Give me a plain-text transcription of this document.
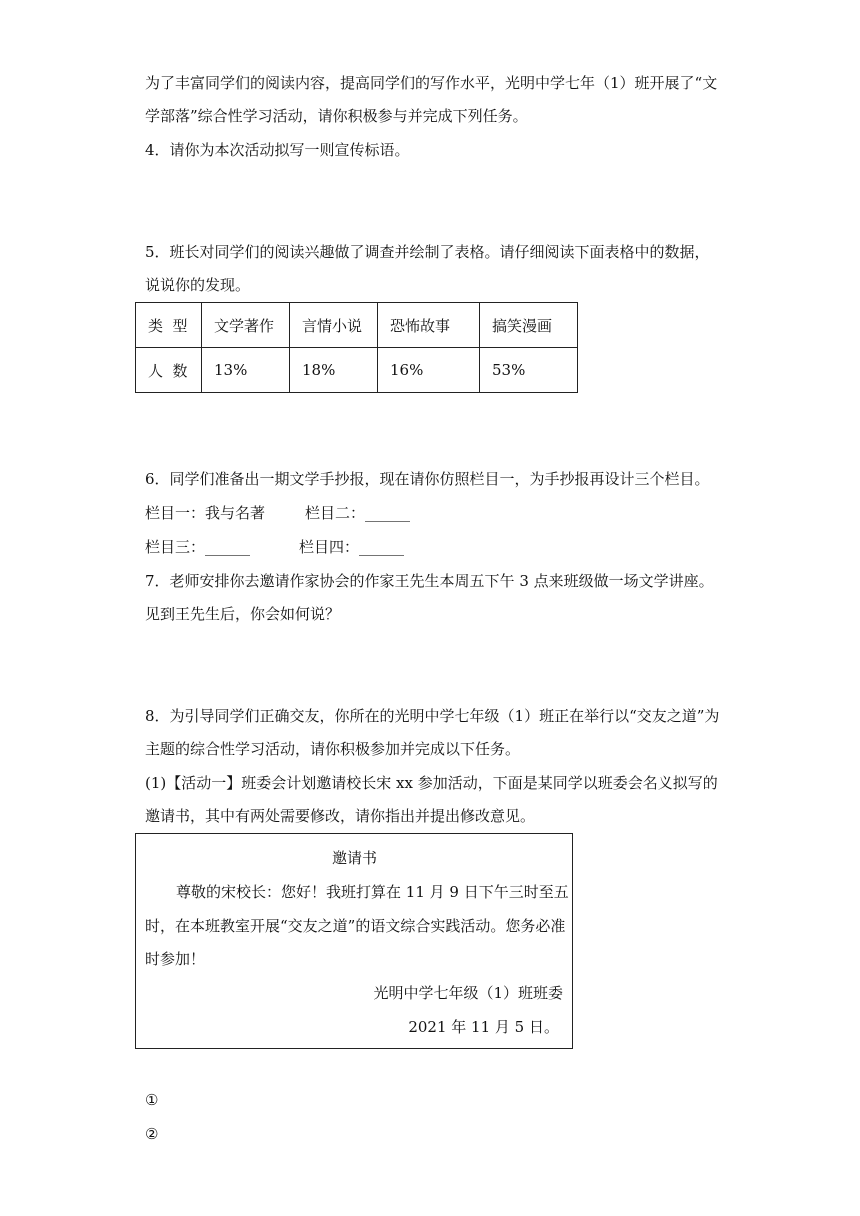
为了丰富同学们的阅读内容，提高同学们的写作水平，光明中学七年（1）班开展了“文
学部落”综合性学习活动，请你积极参与并完成下列任务。
4．请你为本次活动拟写一则宣传标语。
5．班长对同学们的阅读兴趣做了调查并绘制了表格。请仔细阅读下面表格中的数据，
说说你的发现。
类  型	文学著作	言情小说	恐怖故事	搞笑漫画
人  数	13%	18%	16%	53%
6．同学们准备出一期文学手抄报，现在请你仿照栏目一，为手抄报再设计三个栏目。
栏目一：我与名著	栏目二：______
栏目三：______	栏目四：______
7．老师安排你去邀请作家协会的作家王先生本周五下午 3 点来班级做一场文学讲座。
见到王先生后，你会如何说？
8．为引导同学们正确交友，你所在的光明中学七年级（1）班正在举行以“交友之道”为
主题的综合性学习活动，请你积极参加并完成以下任务。
(1)【活动一】班委会计划邀请校长宋 xx 参加活动，下面是某同学以班委会名义拟写的
邀请书，其中有两处需要修改，请你指出并提出修改意见。
邀请书
尊敬的宋校长：您好！我班打算在 11 月 9 日下午三时至五
时，在本班教室开展“交友之道”的语文综合实践活动。您务必准
时参加！
光明中学七年级（1）班班委
2021 年 11 月 5 日。
①
②
